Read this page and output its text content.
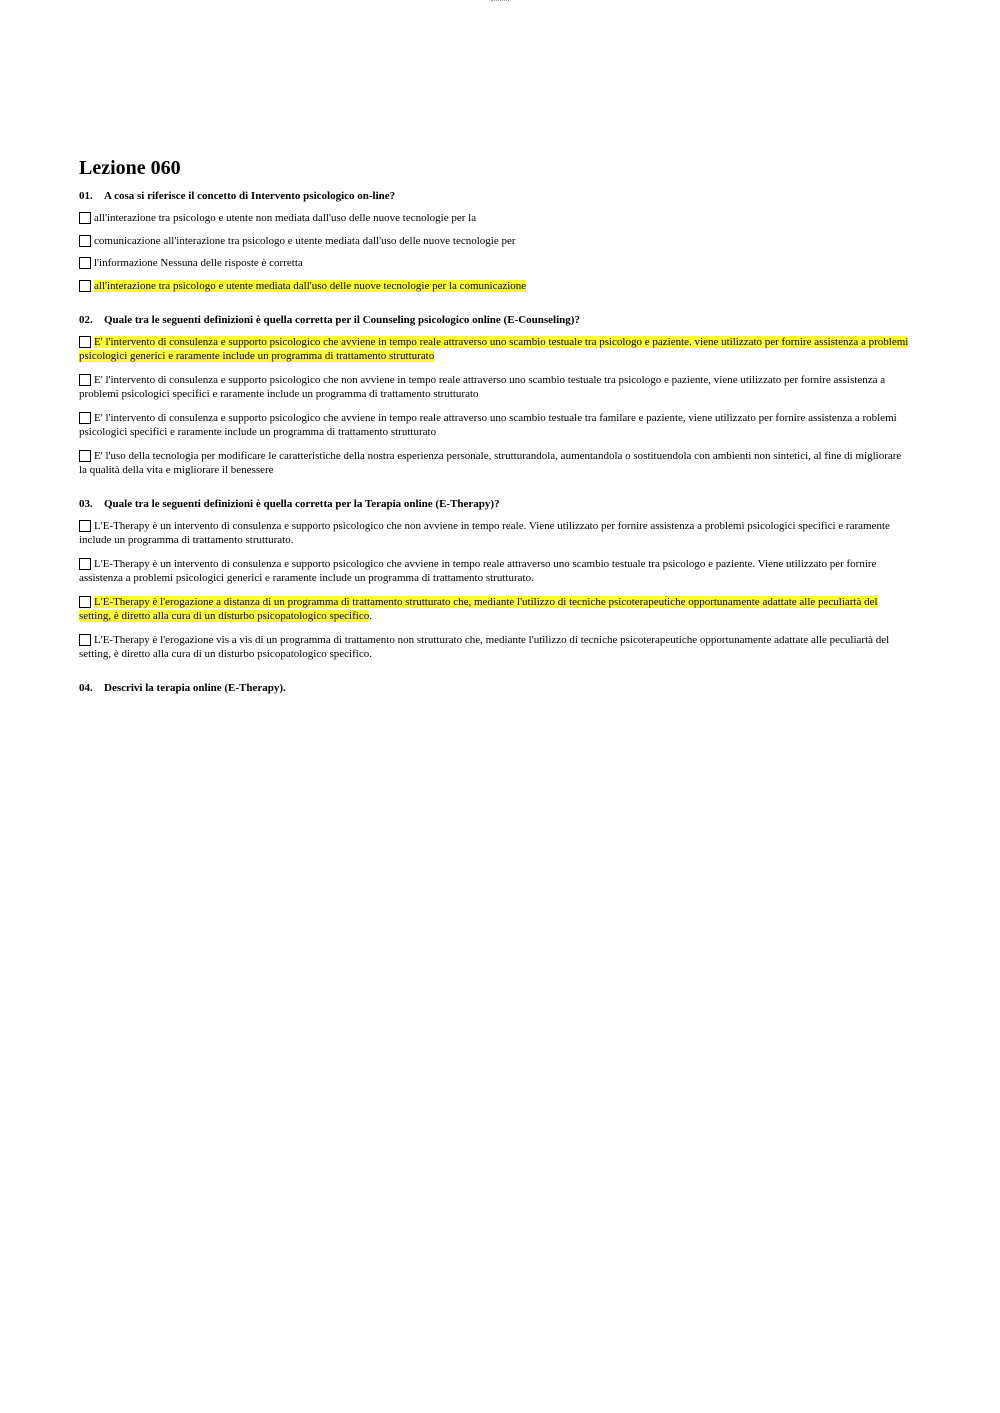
Lezione 060
01.	A cosa si riferisce il concetto di Intervento psicologico on-line?
all'interazione tra psicologo e utente non mediata dall'uso delle nuove tecnologie per la
comunicazione all'interazione tra psicologo e utente mediata dall'uso delle nuove tecnologie per
l'informazione Nessuna delle risposte è corretta
all'interazione tra psicologo e utente mediata dall'uso delle nuove tecnologie per la comunicazione
02.	Quale tra le seguenti definizioni è quella corretta per il Counseling psicologico online (E-Counseling)?
E' l'intervento di consulenza e supporto psicologico che avviene in tempo reale attraverso uno scambio testuale tra psicologo e paziente. viene utilizzato per fornire assistenza a problemi psicologici generici e raramente include un programma di trattamento strutturato
E' l'intervento di consulenza e supporto psicologico che non avviene in tempo reale attraverso uno scambio testuale tra psicologo e paziente, viene utilizzato per fornire assistenza a problemi psicologici specifici e raramente include un programma di trattamento strutturato
E' l'intervento di consulenza e supporto psicologico che avviene in tempo reale attraverso uno scambio testuale tra familare e paziente, viene utilizzato per fornire assistenza a roblemi psicologici specifici e raramente include un programma di trattamento strutturato
E' l'uso della tecnologia per modificare le caratteristiche della nostra esperienza personale, strutturandola, aumentandola o sostituendola con ambienti non sintetici, al fine di migliorare la qualità della vita e migliorare il benessere
03.	Quale tra le seguenti definizioni è quella corretta per la Terapia online (E-Therapy)?
L'E-Therapy è un intervento di consulenza e supporto psicologico che non avviene in tempo reale. Viene utilizzato per fornire assistenza a problemi psicologici specifici e raramente include un programma di trattamento strutturato.
L'E-Therapy è un intervento di consulenza e supporto psicologico che avviene in tempo reale attraverso uno scambio testuale tra psicologo e paziente. Viene utilizzato per fornire assistenza a problemi psicologici generici e raramente include un programma di trattamento strutturato.
L'E-Therapy è l'erogazione a distanza di un programma di trattamento strutturato che, mediante l'utilizzo di tecniche psicoterapeutiche opportunamente adattate alle peculiartà del setting, è diretto alla cura di un disturbo psicopatologico specifico.
L'E-Therapy è l'erogazione vis a vis di un programma di trattamento non strutturato che, mediante l'utilizzo di tecniche psicoterapeutiche opportunamente adattate alle peculiartà del setting, è diretto alla cura di un disturbo psicopatologico specifico.
04.	Descrivi la terapia online (E-Therapy).
